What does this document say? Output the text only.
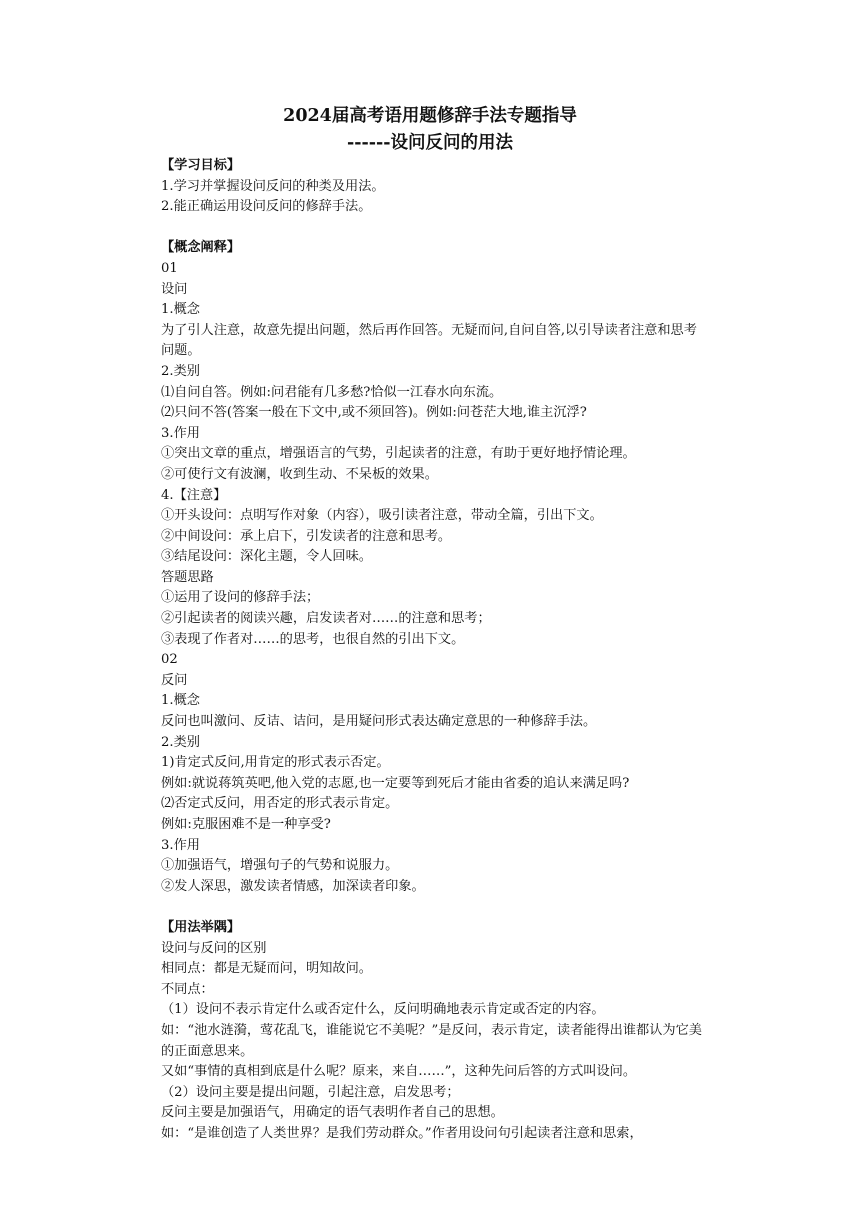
2024届高考语用题修辞手法专题指导
------设问反问的用法

【学习目标】

1.学习并掌握设问反问的种类及用法。

2.能正确运用设问反问的修辞手法。

【概念阐释】

01

设问

1.概念

为了引人注意，故意先提出问题，然后再作回答。无疑而问,自问自答,以引导读者注意和思考问题。

2.类别

⑴自问自答。例如:问君能有几多愁?恰似一江春水向东流。

⑵只问不答(答案一般在下文中,或不须回答)。例如:问苍茫大地,谁主沉浮?

3.作用

①突出文章的重点，增强语言的气势，引起读者的注意，有助于更好地抒情论理。

②可使行文有波澜，收到生动、不呆板的效果。

4.【注意】

①开头设问：点明写作对象（内容），吸引读者注意，带动全篇，引出下文。

②中间设问：承上启下，引发读者的注意和思考。

③结尾设问：深化主题，令人回味。

答题思路

①运用了设问的修辞手法；

②引起读者的阅读兴趣，启发读者对……的注意和思考；

③表现了作者对……的思考，也很自然的引出下文。

02

反问

1.概念

反问也叫激问、反诘、诘问，是用疑问形式表达确定意思的一种修辞手法。

2.类别

1)肯定式反问,用肯定的形式表示否定。

例如:就说蒋筑英吧,他入党的志愿,也一定要等到死后才能由省委的追认来满足吗?

⑵否定式反问，用否定的形式表示肯定。

例如:克服困难不是一种享受?

3.作用

①加强语气，增强句子的气势和说服力。

②发人深思，激发读者情感，加深读者印象。

【用法举隅】

设问与反问的区别

相同点：都是无疑而问，明知故问。

不同点：

（1）设问不表示肯定什么或否定什么，反问明确地表示肯定或否定的内容。

如：“池水涟漪，莺花乱飞，谁能说它不美呢？”是反问，表示肯定，读者能得出谁都认为它美的正面意思来。

又如“事情的真相到底是什么呢？原来，来自……”，这种先问后答的方式叫设问。

（2）设问主要是提出问题，引起注意，启发思考；

反问主要是加强语气，用确定的语气表明作者自己的思想。

如：“是谁创造了人类世界？是我们劳动群众。”作者用设问句引起读者注意和思索，
